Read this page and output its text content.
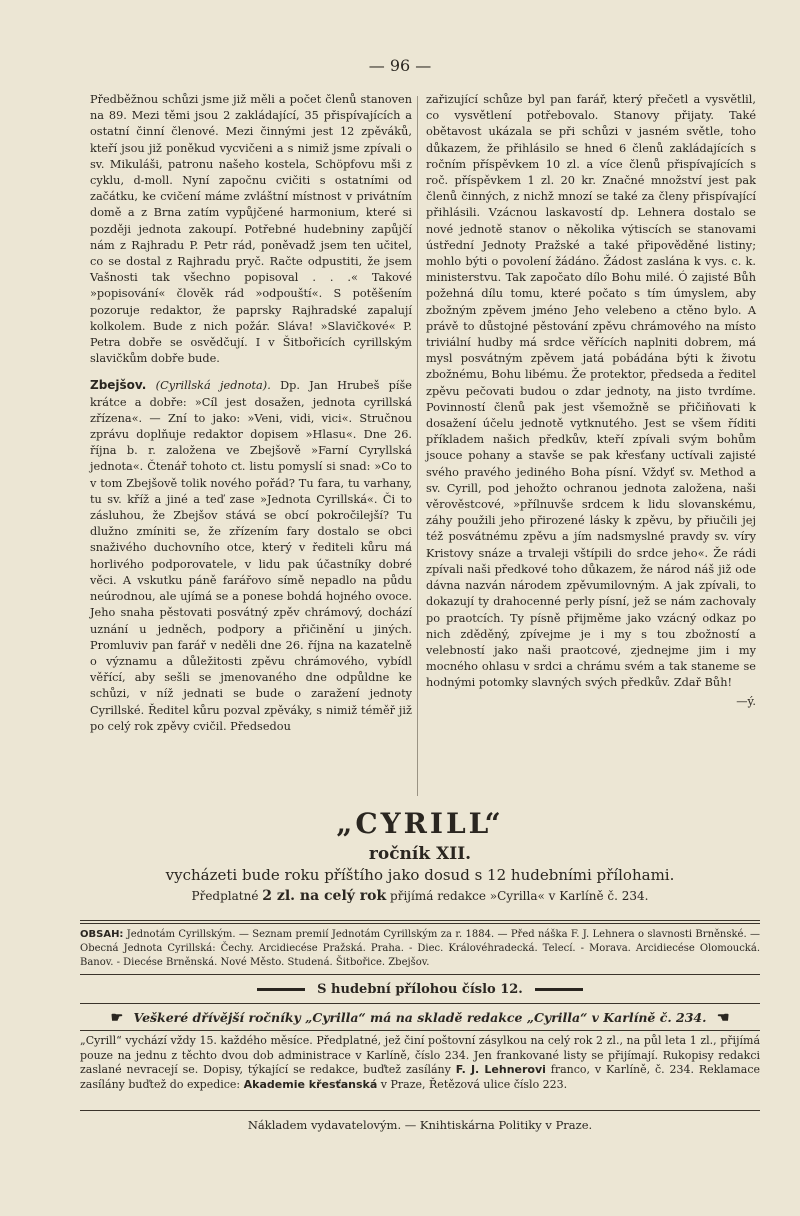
— 96 —

Předběžnou schůzi jsme již měli a počet členů stanoven na 89. Mezi těmi jsou 2 zakládající, 35 přispívajících a ostatní činní členové. Mezi činnými jest 12 zpěváků, kteří jsou již poněkud vycvičeni a s nimiž jsme zpívali o sv. Mikuláši, patronu našeho kostela, Schöpfovu mši z cyklu, d-moll. Nyní započnu cvičiti s ostatními od začátku, ke cvičení máme zvláštní místnost v privátním domě a z Brna zatím vypůjčené harmonium, které si později jednota zakoupí. Potřebné hudebniny zapůjčí nám z Rajhradu P. Petr rád, poněvadž jsem ten učitel, co se dostal z Rajhradu pryč. Račte odpustiti, že jsem Vašnosti tak všechno popisoval . . .« Takové »popisování« člověk rád »odpouští«. S potěšením pozoruje redaktor, že paprsky Rajhradské zapalují kolkolem. Bude z nich požár. Sláva! »Slavičkové« P. Petra dobře se osvědčují. I v Šitbořicích cyrillským slavičkům dobře bude.

Zbejšov. (Cyrillská jednota). Dp. Jan Hrubeš píše krátce a dobře: »Cíl jest dosažen, jednota cyrillská zřízena«. — Zní to jako: »Veni, vidi, vici«. Stručnou zprávu doplňuje redaktor dopisem »Hlasu«. Dne 26. října b. r. založena ve Zbejšově »Farní Cyryllská jednota«. Čtenář tohoto ct. listu pomyslí si snad: »Co to v tom Zbejšově tolik nového pořád? Tu fara, tu varhany, tu sv. kříž a jiné a teď zase »Jednota Cyrillská«. Či to zásluhou, že Zbejšov stává se obcí pokročilejší? Tu dlužno zmíniti se, že zřízením fary dostalo se obci snaživého duchovního otce, který v řediteli kůru má horlivého podporovatele, v lidu pak účastníky dobré věci. A vskutku páně farářovo símě nepadlo na půdu neúrodnou, ale ujímá se a ponese bohdá hojného ovoce. Jeho snaha pěstovati posvátný zpěv chrámový, dochází uznání u jedněch, podpory a přičinění u jiných. Promluviv pan farář v neděli dne 26. října na kazatelně o významu a důležitosti zpěvu chrámového, vybídl věřící, aby sešli se jmenovaného dne odpůldne ke schůzi, v níž jednati se bude o zaražení jednoty Cyrillské. Ředitel kůru pozval zpěváky, s nimiž téměř již po celý rok zpěvy cvičil. Předsedou

zařizující schůze byl pan farář, který přečetl a vysvětlil, co vysvětlení potřebovalo. Stanovy přijaty. Také obětavost ukázala se při schůzi v jasném světle, toho důkazem, že přihlásilo se hned 6 členů zakládajících s ročním příspěvkem 10 zl. a více členů přispívajících s roč. příspěvkem 1 zl. 20 kr. Značné množství jest pak členů činných, z nichž mnozí se také za členy přispívající přihlásili. Vzácnou laskavostí dp. Lehnera dostalo se nové jednotě stanov o několika výtiscích se stanovami ústřední Jednoty Pražské a také připověděné listiny; mohlo býti o povolení žádáno. Žádost zaslána k vys. c. k. ministerstvu. Tak započato dílo Bohu milé. Ó zajisté Bůh požehná dílu tomu, které počato s tím úmyslem, aby zbožným zpěvem jméno Jeho velebeno a ctěno bylo. A právě to důstojné pěstování zpěvu chrámového na místo triviální hudby má srdce věřících naplniti dobrem, má mysl posvátným zpěvem jatá pobádána býti k životu zbožnému, Bohu libému. Že protektor, předseda a ředitel zpěvu pečovati budou o zdar jednoty, na jisto tvrdíme. Povinností členů pak jest všemožně se přičiňovati k dosažení účelu jednotě vytknutého. Jest se všem říditi příkladem našich předkův, kteří zpívali svým bohům jsouce pohany a stavše se pak křesťany uctívali zajisté svého pravého jediného Boha písní. Vždyť sv. Method a sv. Cyrill, pod jehožto ochranou jednota založena, naši věrověstcové, »přílnuvše srdcem k lidu slovanskému, záhy použili jeho přirozené lásky k zpěvu, by přiučili jej též posvátnému zpěvu a jím nadsmyslné pravdy sv. víry Kristovy snáze a trvaleji vštípili do srdce jeho«. Že rádi zpívali naši předkové toho důkazem, že národ náš již ode dávna nazván národem zpěvumilovným. A jak zpívali, to dokazují ty drahocenné perly písní, jež se nám zachovaly po praotcích. Ty písně přijměme jako vzácný odkaz po nich zděděný, zpívejme je i my s tou zbožností a velebností jako naši praotcové, zjednejme jim i my mocného ohlasu v srdci a chrámu svém a tak staneme se hodnými potomky slavných svých předkův. Zdař Bůh!

—ý.
„CYRILL“
ročník XII.
vycházeti bude roku příštího jako dosud s 12 hudebními přílohami.
Předplatné 2 zl. na celý rok přijímá redakce »Cyrilla« v Karlíně č. 234.
OBSAH: Jednotám Cyrillským. — Seznam premií Jednotám Cyrillským za r. 1884. — Před náška F. J. Lehnera o slavnosti Brněnské. — Obecná Jednota Cyrillská: Čechy. Arcidiecése Pražská. Praha. - Diec. Královéhradecká. Telecí. - Morava. Arcidiecése Olomoucká. Banov. - Diecése Brněnská. Nové Město. Studená. Šitbořice. Zbejšov.
S hudební přílohou číslo 12.
☛ Veškeré dřívější ročníky „Cyrilla“ má na skladě redakce „Cyrilla“ v Karlíně č. 234. ☚
„Cyrill“ vychází vždy 15. každého měsíce. Předplatné, jež činí poštovní zásylkou na celý rok 2 zl., na půl leta 1 zl., přijímá pouze na jednu z těchto dvou dob administrace v Karlíně, číslo 234. Jen frankované listy se přijímají. Rukopisy redakci zaslané nevracejí se. Dopisy, týkající se redakce, buďtež zasílány F. J. Lehnerovi franco, v Karlíně, č. 234. Reklamace zasílány buďtež do expedice: Akademie křesťanská v Praze, Řetězová ulice číslo 223.
Nákladem vydavatelovým. — Knihtiskárna Politiky v Praze.
